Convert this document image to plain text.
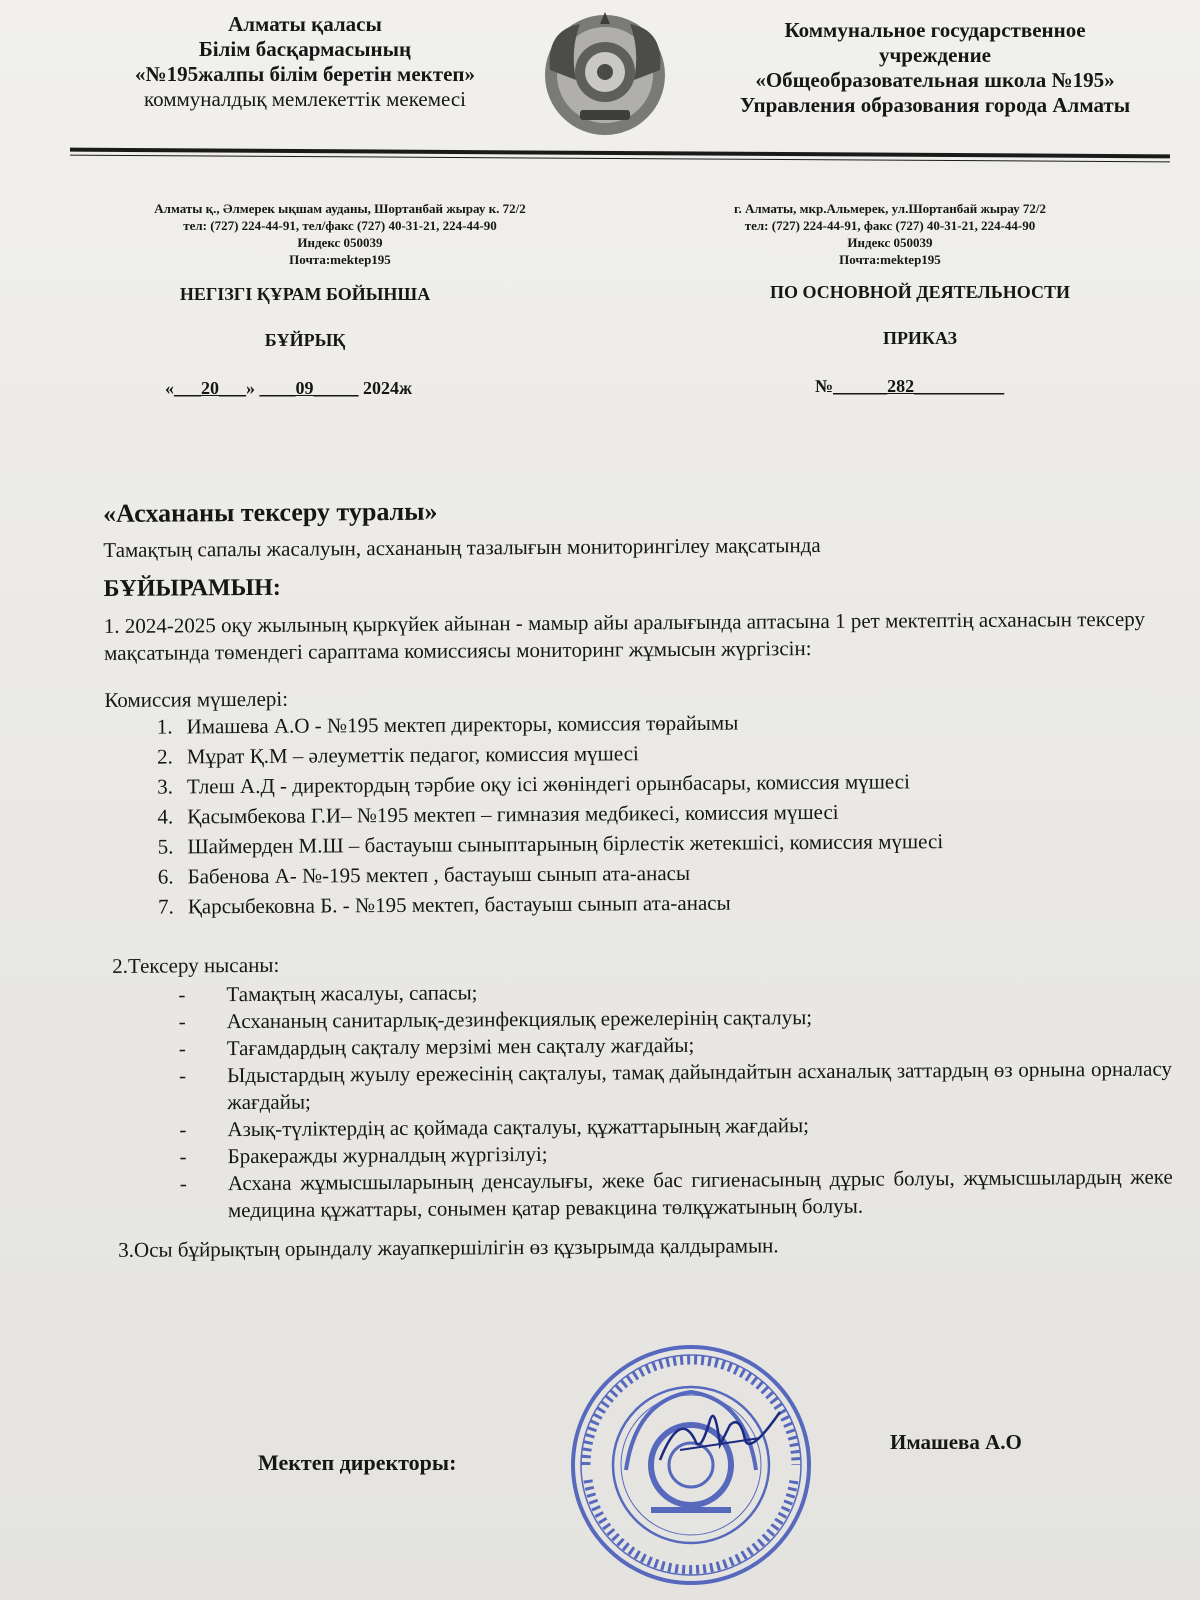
Алматы қаласы
Білім басқармасының
«№195жалпы білім беретін мектеп»
коммуналдық мемлекеттік мекемесі
Коммунальное государственное
учреждение
«Общеобразовательная школа №195»
Управления образования города Алматы
Алматы қ., Әлмерек ықшам ауданы, Шортанбай жырау к. 72/2
тел: (727) 224-44-91, тел/факс (727) 40-31-21, 224-44-90
Индекс 050039
Почта:mektep195
г. Алматы, мкр.Альмерек, ул.Шортанбай жырау 72/2
тел: (727) 224-44-91, факс (727) 40-31-21, 224-44-90
Индекс 050039
Почта:mektep195
НЕГІЗГІ ҚҰРАМ БОЙЫНША	ПО ОСНОВНОЙ ДЕЯТЕЛЬНОСТИ
БҰЙРЫҚ	ПРИКАЗ
«___20___» ____09_____ 2024ж	№______282__________
«Асхананы тексеру туралы»

Тамақтың сапалы жасалуын, асхананың тазалығын мониторингілеу мақсатында

БҰЙЫРАМЫН:

1. 2024-2025 оқу жылының қыркүйек айынан - мамыр айы аралығында аптасына 1 рет мектептің асханасын тексеру мақсатында төмендегі сараптама комиссиясы мониторинг жұмысын жүргізсін:

Комиссия мүшелері:

1. Имашева А.О - №195 мектеп директоры, комиссия төрайымы
2. Мұрат Қ.М – әлеуметтік педагог, комиссия мүшесі
3. Тлеш А.Д - директордың тәрбие оқу ісі жөніндегі орынбасары, комиссия мүшесі
4. Қасымбекова Г.И– №195 мектеп – гимназия медбикесі, комиссия мүшесі
5. Шаймерден М.Ш – бастауыш сыныптарының бірлестік жетекшісі, комиссия мүшесі
6. Бабенова А- №-195 мектеп , бастауыш сынып ата-анасы
7. Қарсыбековна Б. - №195 мектеп, бастауыш сынып ата-анасы

2.Тексеру нысаны:

-	Тамақтың жасалуы, сапасы;
-	Асхананың санитарлық-дезинфекциялық ережелерінің сақталуы;
-	Тағамдардың сақталу мерзімі мен сақталу жағдайы;
-	Ыдыстардың жуылу ережесінің сақталуы, тамақ дайындайтын асханалық заттардың өз орнына орналасу жағдайы;
-	Азық-түліктердің ас қоймада сақталуы, құжаттарының жағдайы;
-	Бракеражды журналдың жүргізілуі;
-	Асхана жұмысшыларының денсаулығы, жеке бас гигиенасының дұрыс болуы, жұмысшылардың жеке медицина құжаттары, сонымен қатар ревакцина төлқұжатының болуы.

3.Осы бұйрықтың орындалу жауапкершілігін өз құзырымда қалдырамын.

Мектеп директоры:
Имашева А.О
